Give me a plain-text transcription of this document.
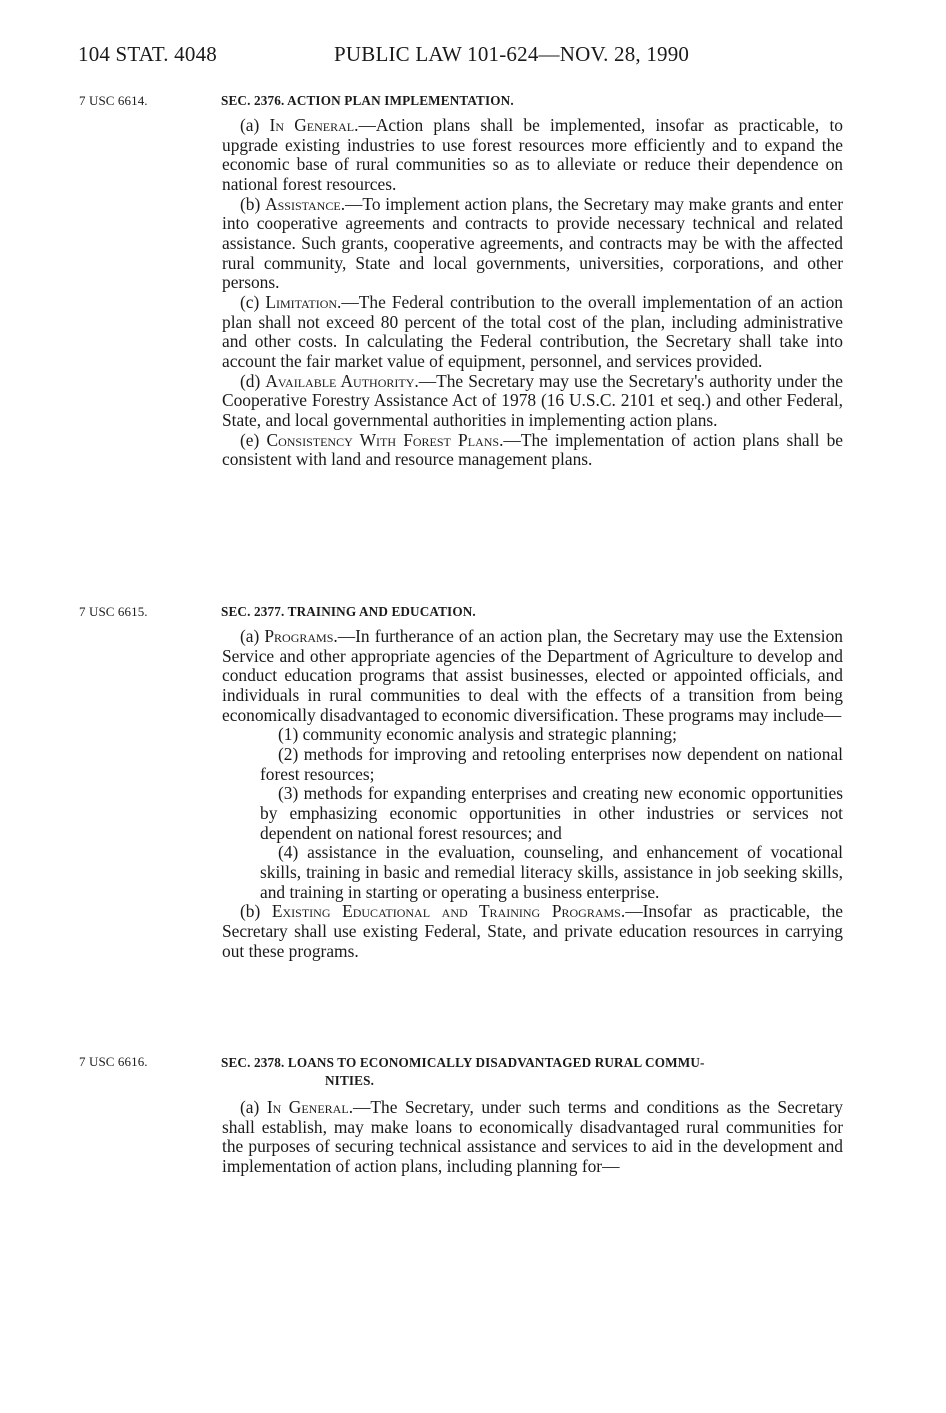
104 STAT. 4048	PUBLIC LAW 101-624—NOV. 28, 1990
7 USC 6614.	SEC. 2376. ACTION PLAN IMPLEMENTATION.

(a) In General.—Action plans shall be implemented, insofar as practicable, to upgrade existing industries to use forest resources more efficiently and to expand the economic base of rural communities so as to alleviate or reduce their dependence on national forest resources.

(b) Assistance.—To implement action plans, the Secretary may make grants and enter into cooperative agreements and contracts to provide necessary technical and related assistance. Such grants, cooperative agreements, and contracts may be with the affected rural community, State and local governments, universities, corporations, and other persons.

(c) Limitation.—The Federal contribution to the overall implementation of an action plan shall not exceed 80 percent of the total cost of the plan, including administrative and other costs. In calculating the Federal contribution, the Secretary shall take into account the fair market value of equipment, personnel, and services provided.

(d) Available Authority.—The Secretary may use the Secretary's authority under the Cooperative Forestry Assistance Act of 1978 (16 U.S.C. 2101 et seq.) and other Federal, State, and local governmental authorities in implementing action plans.

(e) Consistency With Forest Plans.—The implementation of action plans shall be consistent with land and resource management plans.

7 USC 6615.	SEC. 2377. TRAINING AND EDUCATION.

(a) Programs.—In furtherance of an action plan, the Secretary may use the Extension Service and other appropriate agencies of the Department of Agriculture to develop and conduct education programs that assist businesses, elected or appointed officials, and individuals in rural communities to deal with the effects of a transition from being economically disadvantaged to economic diversification. These programs may include—

(1) community economic analysis and strategic planning;

(2) methods for improving and retooling enterprises now dependent on national forest resources;

(3) methods for expanding enterprises and creating new economic opportunities by emphasizing economic opportunities in other industries or services not dependent on national forest resources; and

(4) assistance in the evaluation, counseling, and enhancement of vocational skills, training in basic and remedial literacy skills, assistance in job seeking skills, and training in starting or operating a business enterprise.

(b) Existing Educational and Training Programs.—Insofar as practicable, the Secretary shall use existing Federal, State, and private education resources in carrying out these programs.

7 USC 6616.	SEC. 2378. LOANS TO ECONOMICALLY DISADVANTAGED RURAL COMMU-
NITIES.

(a) In General.—The Secretary, under such terms and conditions as the Secretary shall establish, may make loans to economically disadvantaged rural communities for the purposes of securing technical assistance and services to aid in the development and implementation of action plans, including planning for—
